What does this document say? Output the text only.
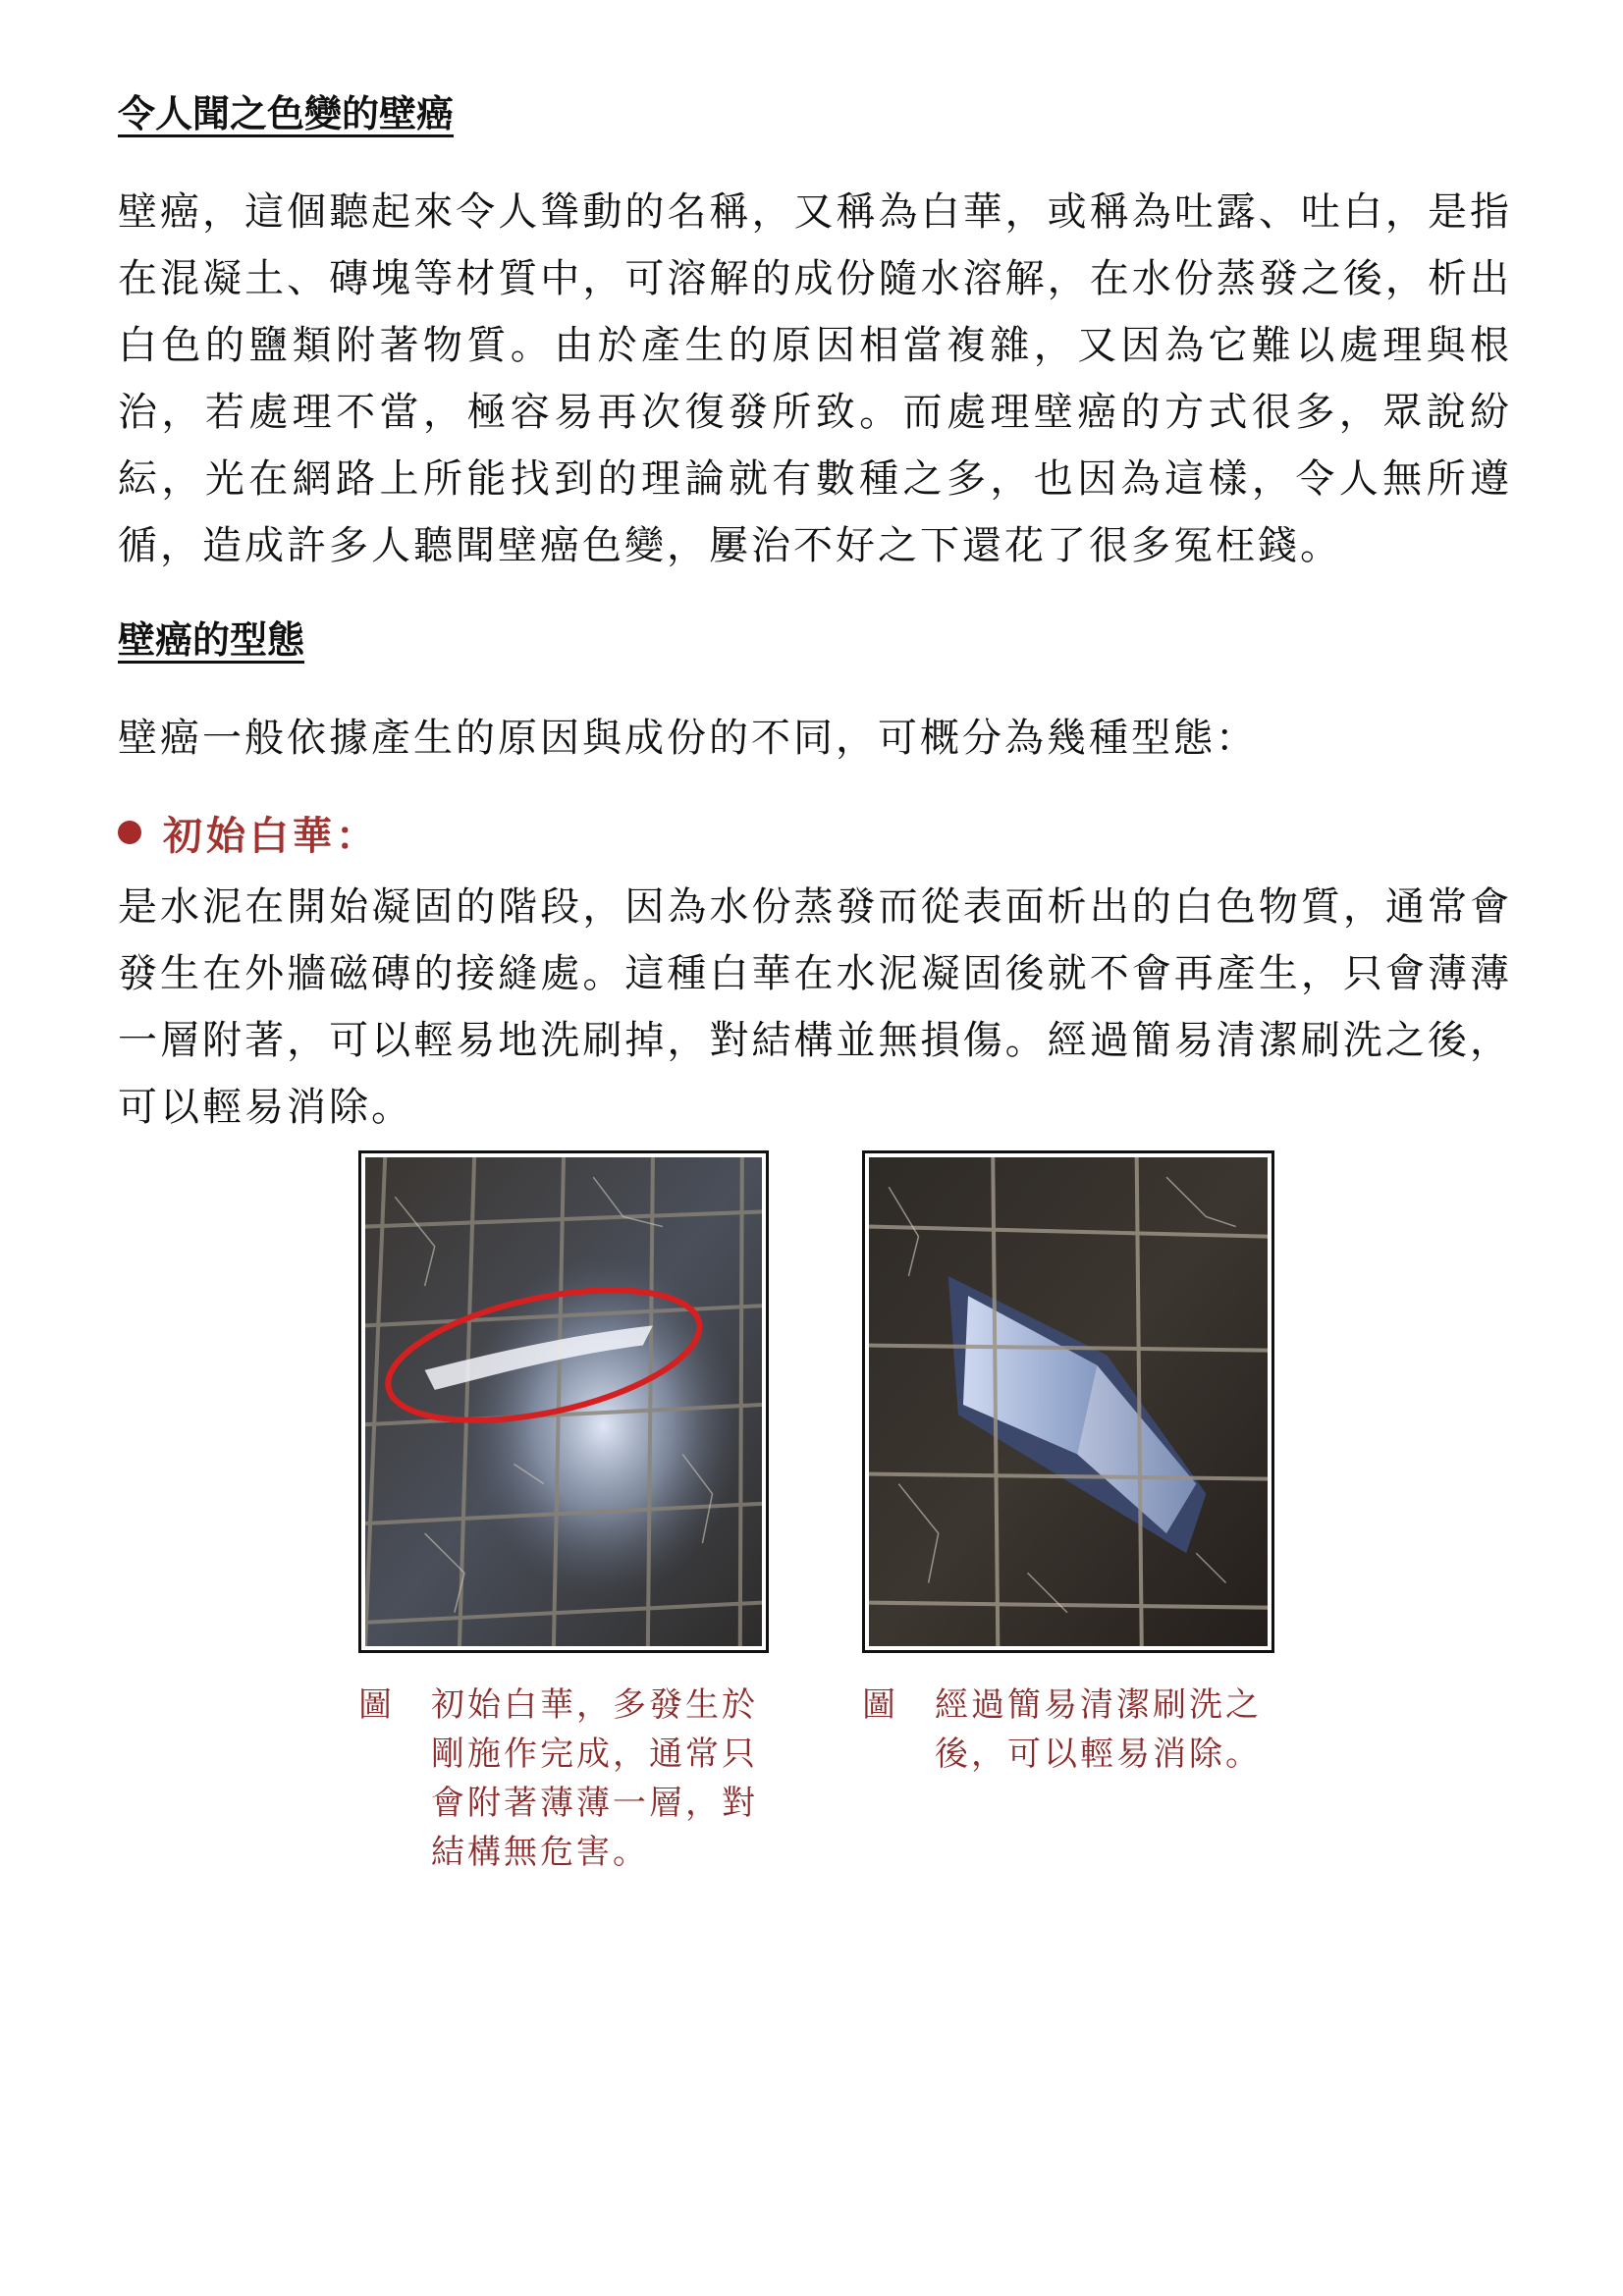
令人聞之色變的壁癌

壁癌，這個聽起來令人聳動的名稱，又稱為白華，或稱為吐露、吐白，是指在混凝土、磚塊等材質中，可溶解的成份隨水溶解，在水份蒸發之後，析出白色的鹽類附著物質。由於產生的原因相當複雜，又因為它難以處理與根治，若處理不當，極容易再次復發所致。而處理壁癌的方式很多，眾說紛紜，光在網路上所能找到的理論就有數種之多，也因為這樣，令人無所遵循，造成許多人聽聞壁癌色變，屢治不好之下還花了很多冤枉錢。

壁癌的型態

壁癌一般依據產生的原因與成份的不同，可概分為幾種型態：

初始白華：

是水泥在開始凝固的階段，因為水份蒸發而從表面析出的白色物質，通常會發生在外牆磁磚的接縫處。這種白華在水泥凝固後就不會再產生，只會薄薄一層附著，可以輕易地洗刷掉，對結構並無損傷。經過簡易清潔刷洗之後，可以輕易消除。

圖	初始白華，多發生於剛施作完成，通常只會附著薄薄一層，對結構無危害。
圖	經過簡易清潔刷洗之後，可以輕易消除。
